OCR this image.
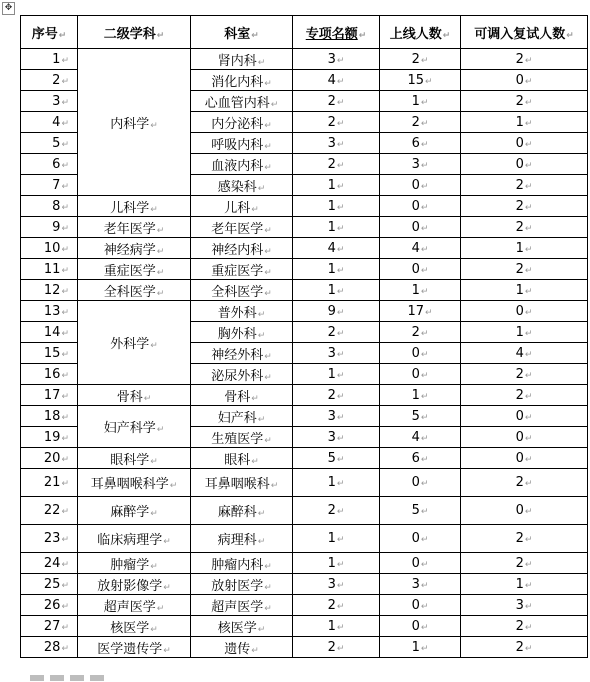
✥
序号↵	二级学科↵	科室↵	专项名额↵	上线人数↵	可调入复试人数↵
1↵	内科学↵	肾内科↵	3↵	2↵	2↵
2↵		消化内科↵	4↵	15↵	0↵
3↵		心血管内科↵	2↵	1↵	2↵
4↵		内分泌科↵	2↵	2↵	1↵
5↵		呼吸内科↵	3↵	6↵	0↵
6↵		血液内科↵	2↵	3↵	0↵
7↵		感染科↵	1↵	0↵	2↵
8↵	儿科学↵	儿科↵	1↵	0↵	2↵
9↵	老年医学↵	老年医学↵	1↵	0↵	2↵
10↵	神经病学↵	神经内科↵	4↵	4↵	1↵
11↵	重症医学↵	重症医学↵	1↵	0↵	2↵
12↵	全科医学↵	全科医学↵	1↵	1↵	1↵
13↵	外科学↵	普外科↵	9↵	17↵	0↵
14↵		胸外科↵	2↵	2↵	1↵
15↵		神经外科↵	3↵	0↵	4↵
16↵		泌尿外科↵	1↵	0↵	2↵
17↵	骨科↵	骨科↵	2↵	1↵	2↵
18↵	妇产科学↵	妇产科↵	3↵	5↵	0↵
19↵		生殖医学↵	3↵	4↵	0↵
20↵	眼科学↵	眼科↵	5↵	6↵	0↵
21↵	耳鼻咽喉科学↵	耳鼻咽喉科↵	1↵	0↵	2↵
22↵	麻醉学↵	麻醉科↵	2↵	5↵	0↵
23↵	临床病理学↵	病理科↵	1↵	0↵	2↵
24↵	肿瘤学↵	肿瘤内科↵	1↵	0↵	2↵
25↵	放射影像学↵	放射医学↵	3↵	3↵	1↵
26↵	超声医学↵	超声医学↵	2↵	0↵	3↵
27↵	核医学↵	核医学↵	1↵	0↵	2↵
28↵	医学遗传学↵	遗传↵	2↵	1↵	2↵
